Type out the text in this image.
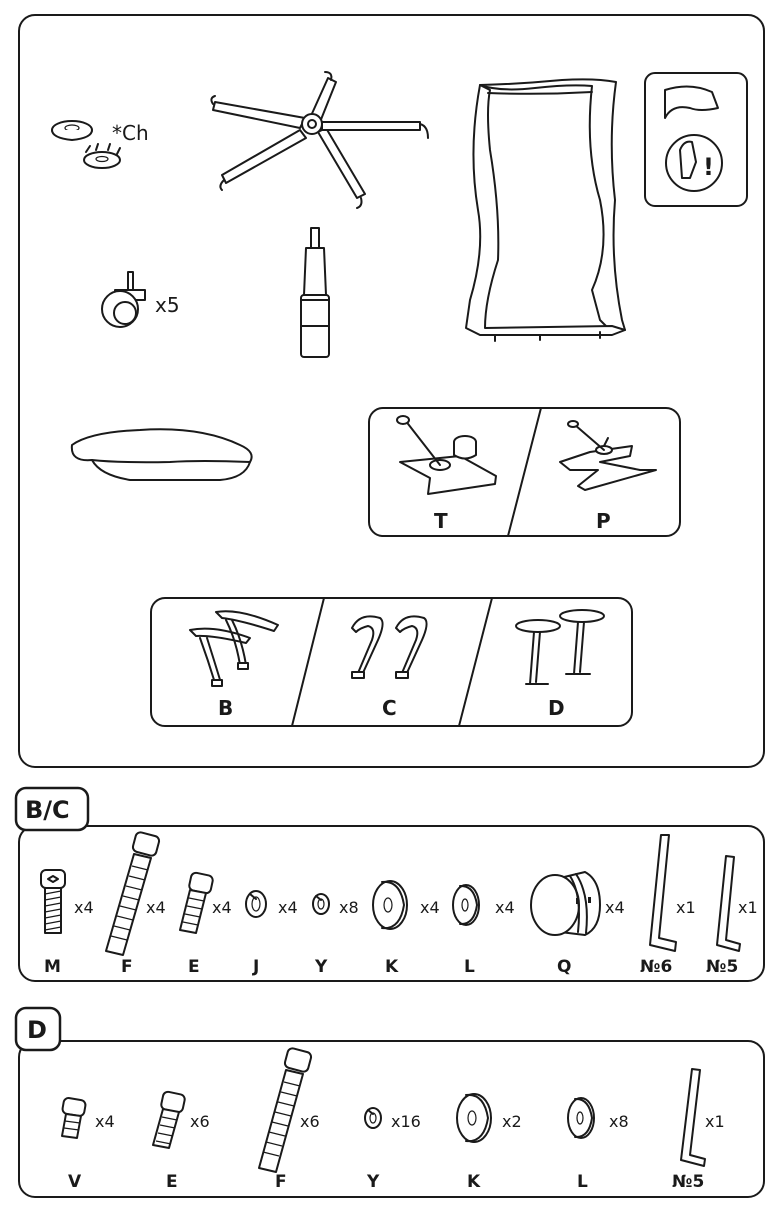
*Ch
!
x5
T	P
B	C	D
B/C
x4	x4	x4	x4	x8	x4	x4	x4	x1	x1
M	F	E	J	Y	K	L	Q	№6 №5
D
x4	x6	x6	x16	x2	x8	x1
V	E	F	Y	K	L	№5
